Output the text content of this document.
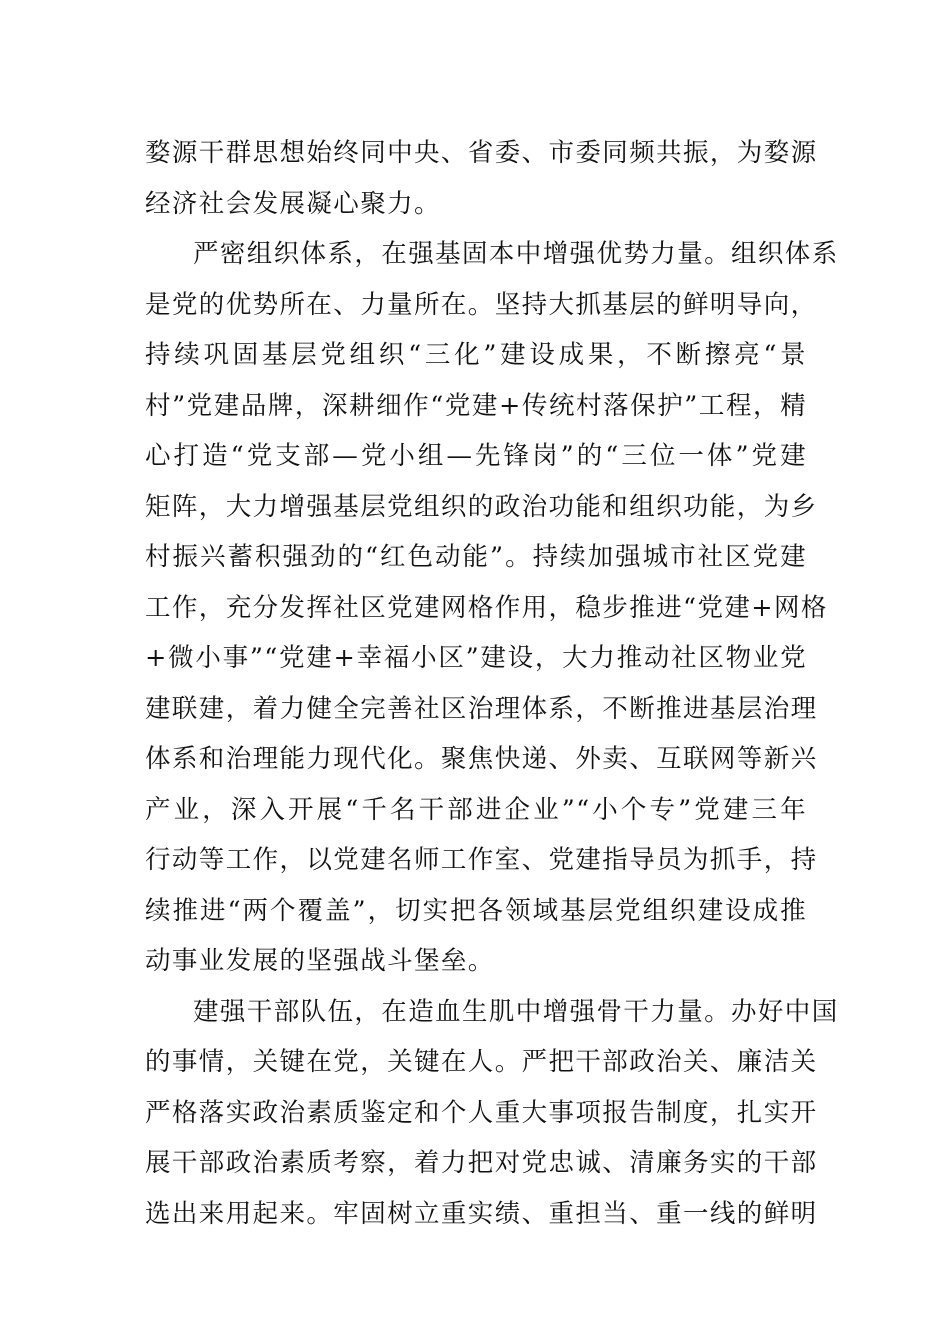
婺源干群思想始终同中央、省委、市委同频共振，为婺源
经济社会发展凝心聚力。
严密组织体系，在强基固本中增强优势力量。组织体系
是党的优势所在、力量所在。坚持大抓基层的鲜明导向，
持续巩固基层党组织“三化”建设成果，不断擦亮“景
村”党建品牌，深耕细作“党建+传统村落保护”工程，精
心打造“党支部—党小组—先锋岗”的“三位一体”党建
矩阵，大力增强基层党组织的政治功能和组织功能，为乡
村振兴蓄积强劲的“红色动能”。持续加强城市社区党建
工作，充分发挥社区党建网格作用，稳步推进“党建+网格
+微小事”“党建+幸福小区”建设，大力推动社区物业党
建联建，着力健全完善社区治理体系，不断推进基层治理
体系和治理能力现代化。聚焦快递、外卖、互联网等新兴
产业，深入开展“千名干部进企业”“小个专”党建三年
行动等工作，以党建名师工作室、党建指导员为抓手，持
续推进“两个覆盖”，切实把各领域基层党组织建设成推
动事业发展的坚强战斗堡垒。
建强干部队伍，在造血生肌中增强骨干力量。办好中国
的事情，关键在党，关键在人。严把干部政治关、廉洁关
严格落实政治素质鉴定和个人重大事项报告制度，扎实开
展干部政治素质考察，着力把对党忠诚、清廉务实的干部
选出来用起来。牢固树立重实绩、重担当、重一线的鲜明
